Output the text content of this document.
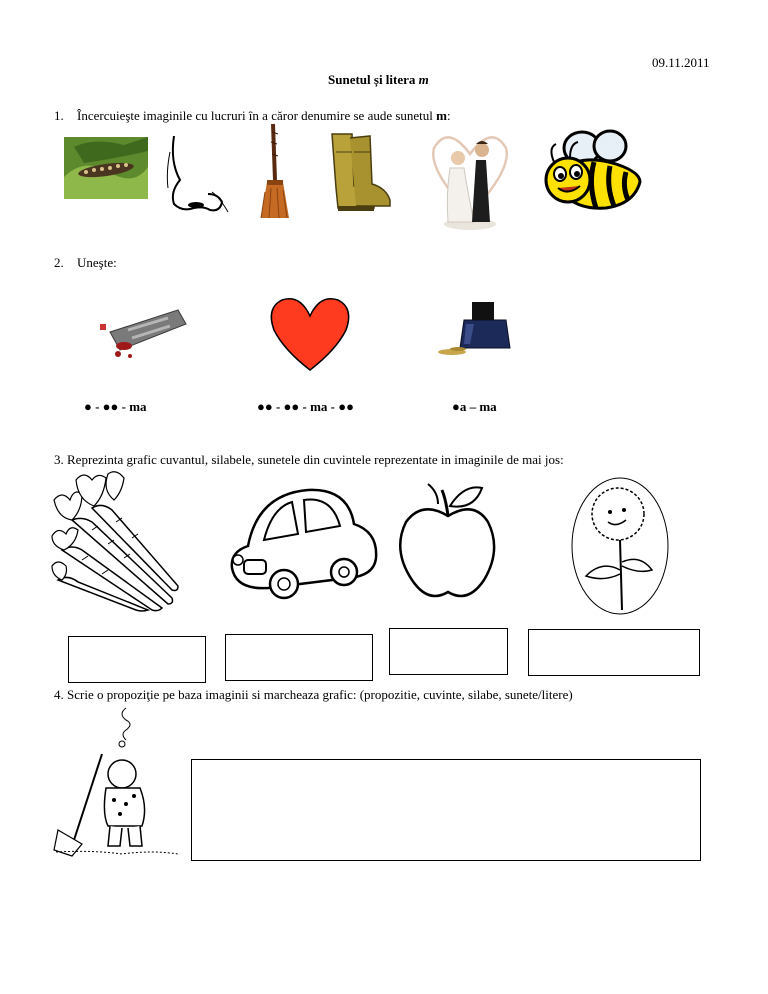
09.11.2011
Sunetul și litera m
1. Încercuieşte imaginile cu lucruri în a căror denumire se aude sunetul m:
2. Uneşte:
● - ●● - ma	●● - ●● - ma - ●●	●a – ma
3. Reprezinta grafic cuvantul, silabele, sunetele din cuvintele reprezentate in imaginile de mai jos:
4. Scrie o propoziţie pe baza imaginii si marcheaza grafic: (propozitie, cuvinte, silabe, sunete/litere)
